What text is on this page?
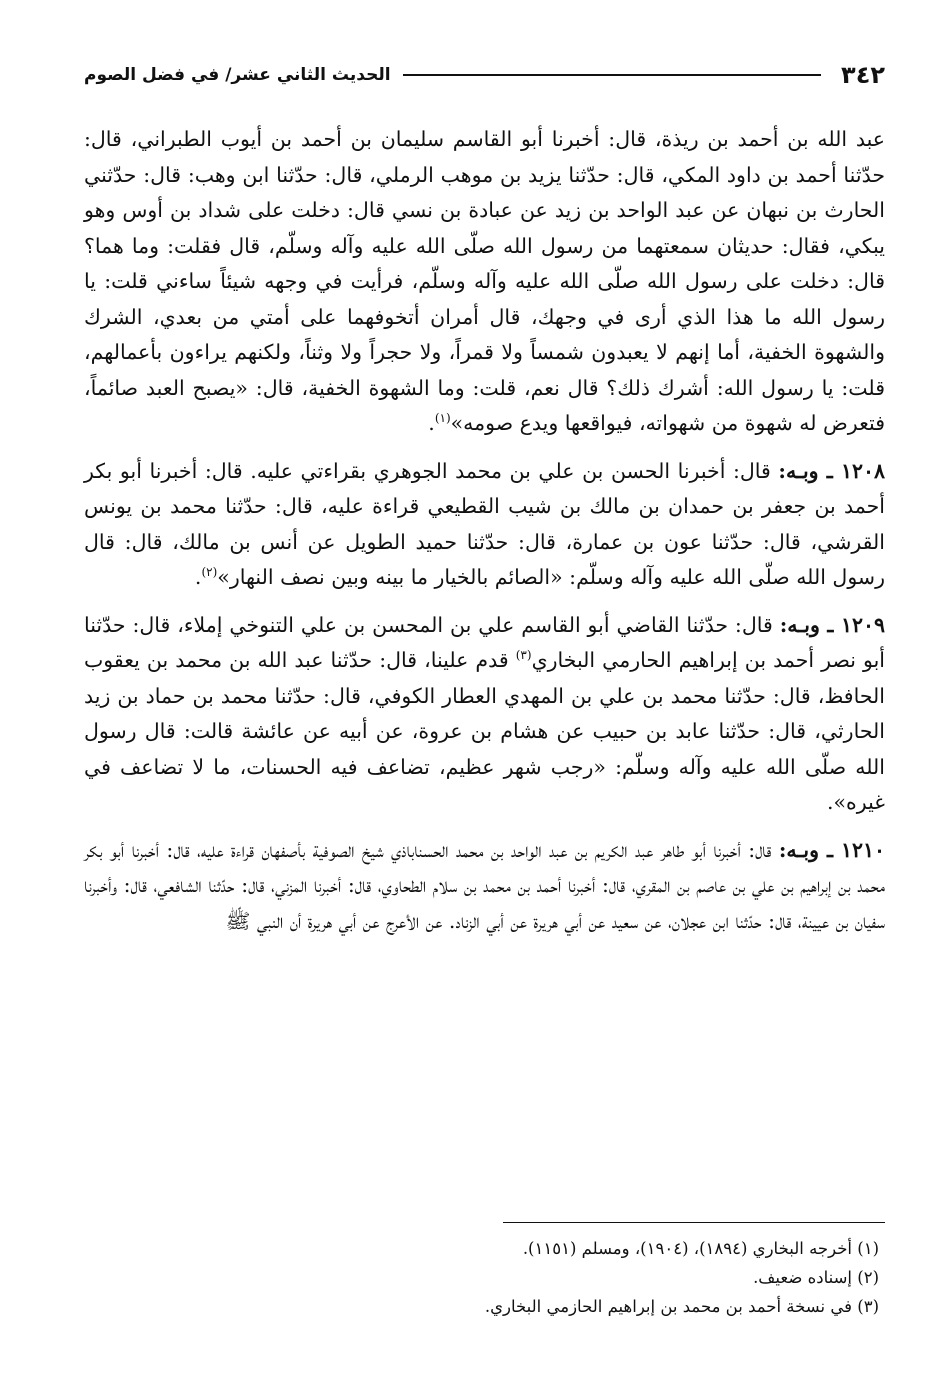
٣٤٢
الحديث الثاني عشر/ في فضل الصوم

عبد الله بن أحمد بن ريذة، قال: أخبرنا أبو القاسم سليمان بن أحمد بن أيوب الطبراني، قال: حدّثنا أحمد بن داود المكي، قال: حدّثنا يزيد بن موهب الرملي، قال: حدّثنا ابن وهب: قال: حدّثني الحارث بن نبهان عن عبد الواحد بن زيد عن عبادة بن نسي قال: دخلت على شداد بن أوس وهو يبكي، فقال: حديثان سمعتهما من رسول الله صلّى الله عليه وآله وسلّم، قال فقلت: وما هما؟ قال: دخلت على رسول الله صلّى الله عليه وآله وسلّم، فرأيت في وجهه شيئاً ساءني قلت: يا رسول الله ما هذا الذي أرى في وجهك، قال أمران أتخوفهما على أمتي من بعدي، الشرك والشهوة الخفية، أما إنهم لا يعبدون شمساً ولا قمراً، ولا حجراً ولا وثناً، ولكنهم يراءون بأعمالهم، قلت: يا رسول الله: أشرك ذلك؟ قال نعم، قلت: وما الشهوة الخفية، قال: «يصبح العبد صائماً، فتعرض له شهوة من شهواته، فيواقعها ويدع صومه»$^{(١)}$.

١٢٠٨ ـ وبـه: قال: أخبرنا الحسن بن علي بن محمد الجوهري بقراءتي عليه. قال: أخبرنا أبو بكر أحمد بن جعفر بن حمدان بن مالك بن شيب القطيعي قراءة عليه، قال: حدّثنا محمد بن يونس القرشي، قال: حدّثنا عون بن عمارة، قال: حدّثنا حميد الطويل عن أنس بن مالك، قال: قال رسول الله صلّى الله عليه وآله وسلّم: «الصائم بالخيار ما بينه وبين نصف النهار»$^{(٢)}$.

١٢٠٩ ـ وبـه: قال: حدّثنا القاضي أبو القاسم علي بن المحسن بن علي التنوخي إملاء، قال: حدّثنا أبو نصر أحمد بن إبراهيم الحارمي البخاري$^{(٣)}$ قدم علينا، قال: حدّثنا عبد الله بن محمد بن يعقوب الحافظ، قال: حدّثنا محمد بن علي بن المهدي العطار الكوفي، قال: حدّثنا محمد بن حماد بن زيد الحارثي، قال: حدّثنا عابد بن حبيب عن هشام بن عروة، عن أبيه عن عائشة قالت: قال رسول الله صلّى الله عليه وآله وسلّم: «رجب شهر عظيم، تضاعف فيه الحسنات، ما لا تضاعف في غيره».

١٢١٠ ـ وبـه: قال: أخبرنا أبو طاهر عبد الكريم بن عبد الواحد بن محمد الحسناباذي شيخ الصوفية بأصفهان قراءة عليه، قال: أخبرنا أبو بكر محمد بن إبراهيم بن علي بن عاصم بن المقري، قال: أخبرنا أحمد بن محمد بن سلام الطحاوي، قال: أخبرنا المزني، قال: حدّثنا الشافعي، قال: وأخبرنا سفيان بن عيينة، قال: حدّثنا ابن عجلان، عن سعيد عن أبي هريرة عن أبي الزناد. عن الأعرج عن أبي هريرة أن النبي ﷺ

(١) أخرجه البخاري (١٨٩٤)، (١٩٠٤)، ومسلم (١١٥١).

(٢) إسناده ضعيف.

(٣) في نسخة أحمد بن محمد بن إبراهيم الحازمي البخاري.
